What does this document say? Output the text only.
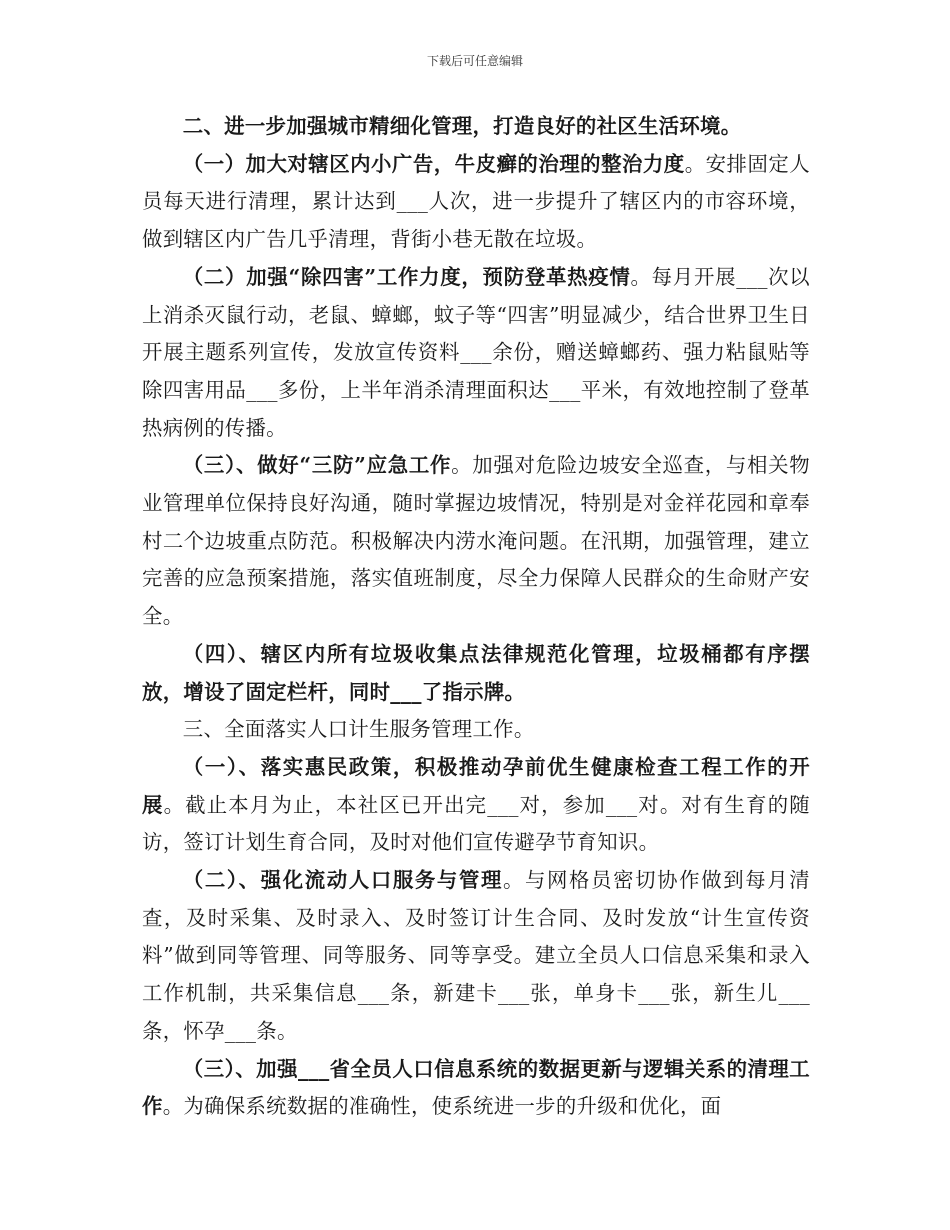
下载后可任意编辑

二、进一步加强城市精细化管理，打造良好的社区生活环境。

（一）加大对辖区内小广告，牛皮癣的治理的整治力度。安排固定人员每天进行清理，累计达到___人次，进一步提升了辖区内的市容环境，做到辖区内广告几乎清理，背街小巷无散在垃圾。

（二）加强“除四害”工作力度，预防登革热疫情。每月开展___次以上消杀灭鼠行动，老鼠、蟑螂，蚊子等“四害”明显减少，结合世界卫生日开展主题系列宣传，发放宣传资料___余份，赠送蟑螂药、强力粘鼠贴等除四害用品___多份，上半年消杀清理面积达___平米，有效地控制了登革热病例的传播。

（三）、做好“三防”应急工作。加强对危险边坡安全巡查，与相关物业管理单位保持良好沟通，随时掌握边坡情况，特别是对金祥花园和章奉村二个边坡重点防范。积极解决内涝水淹问题。在汛期，加强管理，建立完善的应急预案措施，落实值班制度，尽全力保障人民群众的生命财产安全。

（四）、辖区内所有垃圾收集点法律规范化管理，垃圾桶都有序摆放，增设了固定栏杆，同时___了指示牌。

三、全面落实人口计生服务管理工作。

（一）、落实惠民政策，积极推动孕前优生健康检查工程工作的开展。截止本月为止，本社区已开出完___对，参加___对。对有生育的随访，签订计划生育合同，及时对他们宣传避孕节育知识。

（二）、强化流动人口服务与管理。与网格员密切协作做到每月清查，及时采集、及时录入、及时签订计生合同、及时发放“计生宣传资料”做到同等管理、同等服务、同等享受。建立全员人口信息采集和录入工作机制，共采集信息___条，新建卡___张，单身卡___张，新生儿___条，怀孕___条。

（三）、加强___省全员人口信息系统的数据更新与逻辑关系的清理工作。为确保系统数据的准确性，使系统进一步的升级和优化，面
